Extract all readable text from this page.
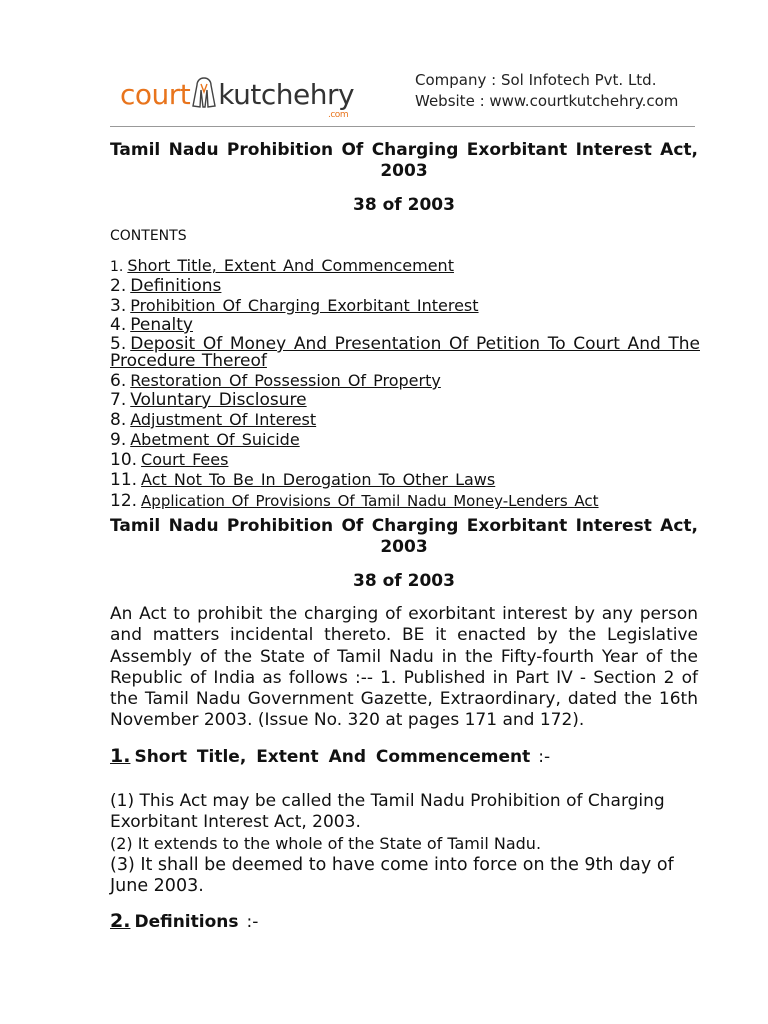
court kutchehry
.com
Company : Sol Infotech Pvt. Ltd.
Website : www.courtkutchehry.com
Tamil Nadu Prohibition Of Charging Exorbitant Interest Act,
2003
38 of 2003
CONTENTS
1. Short Title, Extent And Commencement
2. Definitions
3. Prohibition Of Charging Exorbitant Interest
4. Penalty
5. Deposit Of Money And Presentation Of Petition To Court And The Procedure Thereof
6. Restoration Of Possession Of Property
7. Voluntary Disclosure
8. Adjustment Of Interest
9. Abetment Of Suicide
10. Court Fees
11. Act Not To Be In Derogation To Other Laws
12. Application Of Provisions Of Tamil Nadu Money-Lenders Act
Tamil Nadu Prohibition Of Charging Exorbitant Interest Act,
2003
38 of 2003
An Act to prohibit the charging of exorbitant interest by any person and matters incidental thereto. BE it enacted by the Legislative Assembly of the State of Tamil Nadu in the Fifty-fourth Year of the Republic of India as follows :-- 1. Published in Part IV - Section 2 of the Tamil Nadu Government Gazette, Extraordinary, dated the 16th November 2003. (Issue No. 320 at pages 171 and 172).
1. Short Title, Extent And Commencement :-
(1) This Act may be called the Tamil Nadu Prohibition of Charging Exorbitant Interest Act, 2003.
(2) It extends to the whole of the State of Tamil Nadu.
(3) It shall be deemed to have come into force on the 9th day of June 2003.
2. Definitions :-
